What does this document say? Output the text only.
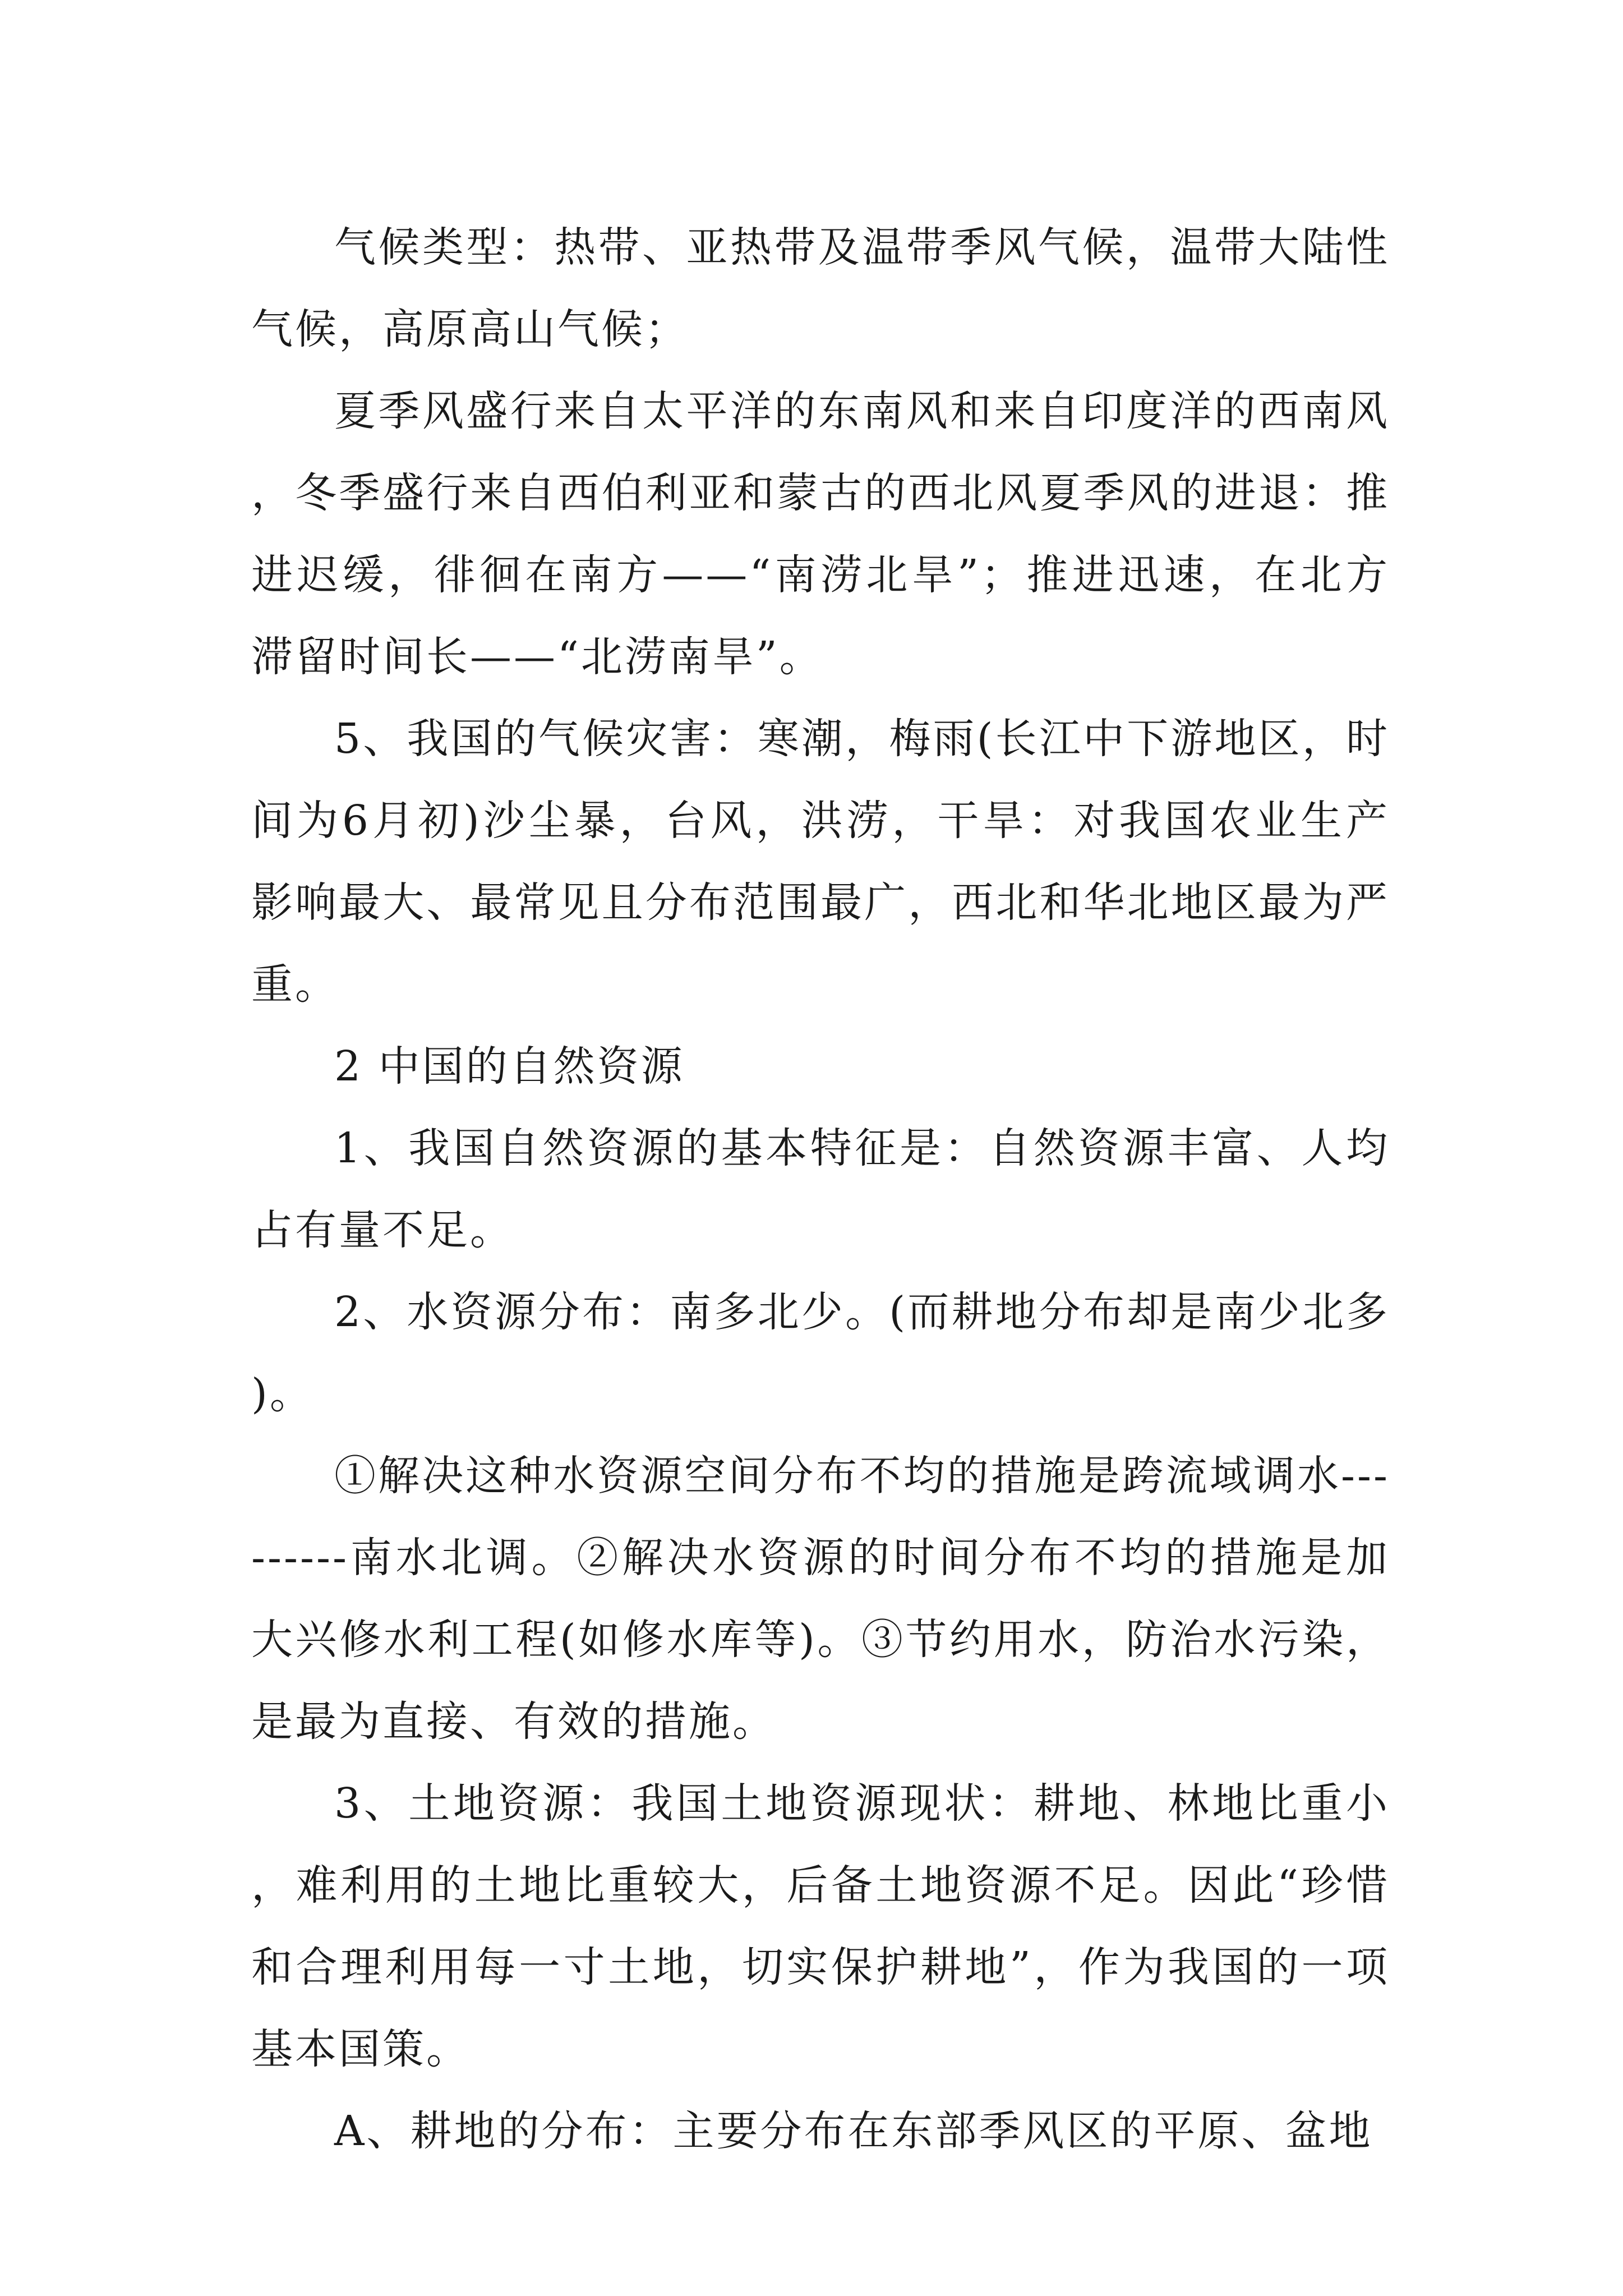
气候类型：热带、亚热带及温带季风气候，温带大陆性气候，高原高山气候；

夏季风盛行来自太平洋的东南风和来自印度洋的西南风，冬季盛行来自西伯利亚和蒙古的西北风夏季风的进退：推进迟缓，徘徊在南方——“南涝北旱”；推进迅速，在北方滞留时间长——“北涝南旱”。

5、我国的气候灾害：寒潮，梅雨(长江中下游地区，时间为6月初)沙尘暴，台风，洪涝，干旱：对我国农业生产影响最大、最常见且分布范围最广，西北和华北地区最为严重。

2 中国的自然资源

1、我国自然资源的基本特征是：自然资源丰富、人均占有量不足。

2、水资源分布：南多北少。(而耕地分布却是南少北多)。

①解决这种水资源空间分布不均的措施是跨流域调水---------南水北调。②解决水资源的时间分布不均的措施是加大兴修水利工程(如修水库等)。③节约用水，防治水污染，是最为直接、有效的措施。

3、土地资源：我国土地资源现状：耕地、林地比重小，难利用的土地比重较大，后备土地资源不足。因此“珍惜和合理利用每一寸土地，切实保护耕地”，作为我国的一项基本国策。

A、耕地的分布：主要分布在东部季风区的平原、盆地
